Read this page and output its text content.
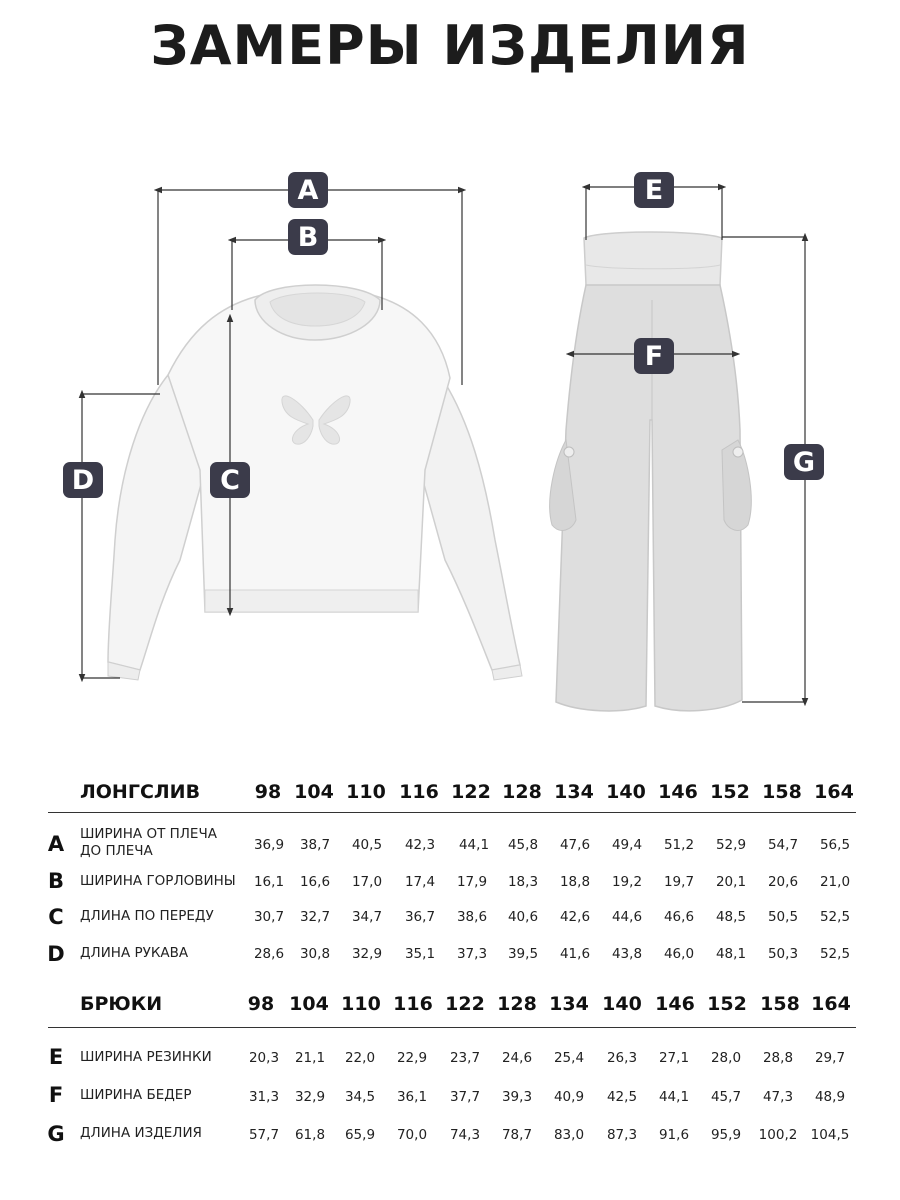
ЗАМЕРЫ ИЗДЕЛИЯ
A
B
C
D
E
F
G
ЛОНГСЛИВ	98 104 110 116 122 128 134 140 146 152 158 164
A ШИРИНА ОТ ПЛЕЧА
ДО ПЛЕЧА	36,9	38,7	40,5	42,3	44,1	45,8	47,6	49,4	51,2	52,9	54,7	56,5
B ШИРИНА ГОРЛОВИНЫ	16,1	16,6	17,0	17,4	17,9	18,3	18,8	19,2	19,7	20,1	20,6	21,0
C	ДЛИНА ПО ПЕРЕДУ	30,7	32,7	34,7	36,7	38,6	40,6	42,6	44,6	46,6	48,5	50,5	52,5
D ДЛИНА РУКАВА	28,6	30,8	32,9	35,1	37,3	39,5	41,6	43,8	46,0	48,1	50,3	52,5
БРЮКИ	98 104 110 116 122 128 134 140 146 152 158 164
E	ШИРИНА РЕЗИНКИ	20,3	21,1	22,0	22,9	23,7	24,6	25,4	26,3	27,1	28,0	28,8	29,7
F	ШИРИНА БЕДЕР	31,3	32,9	34,5	36,1	37,7	39,3	40,9	42,5	44,1	45,7	47,3	48,9
G ДЛИНА ИЗДЕЛИЯ	57,7	61,8	65,9	70,0	74,3	78,7	83,0	87,3	91,6	95,9	100,2 104,5
